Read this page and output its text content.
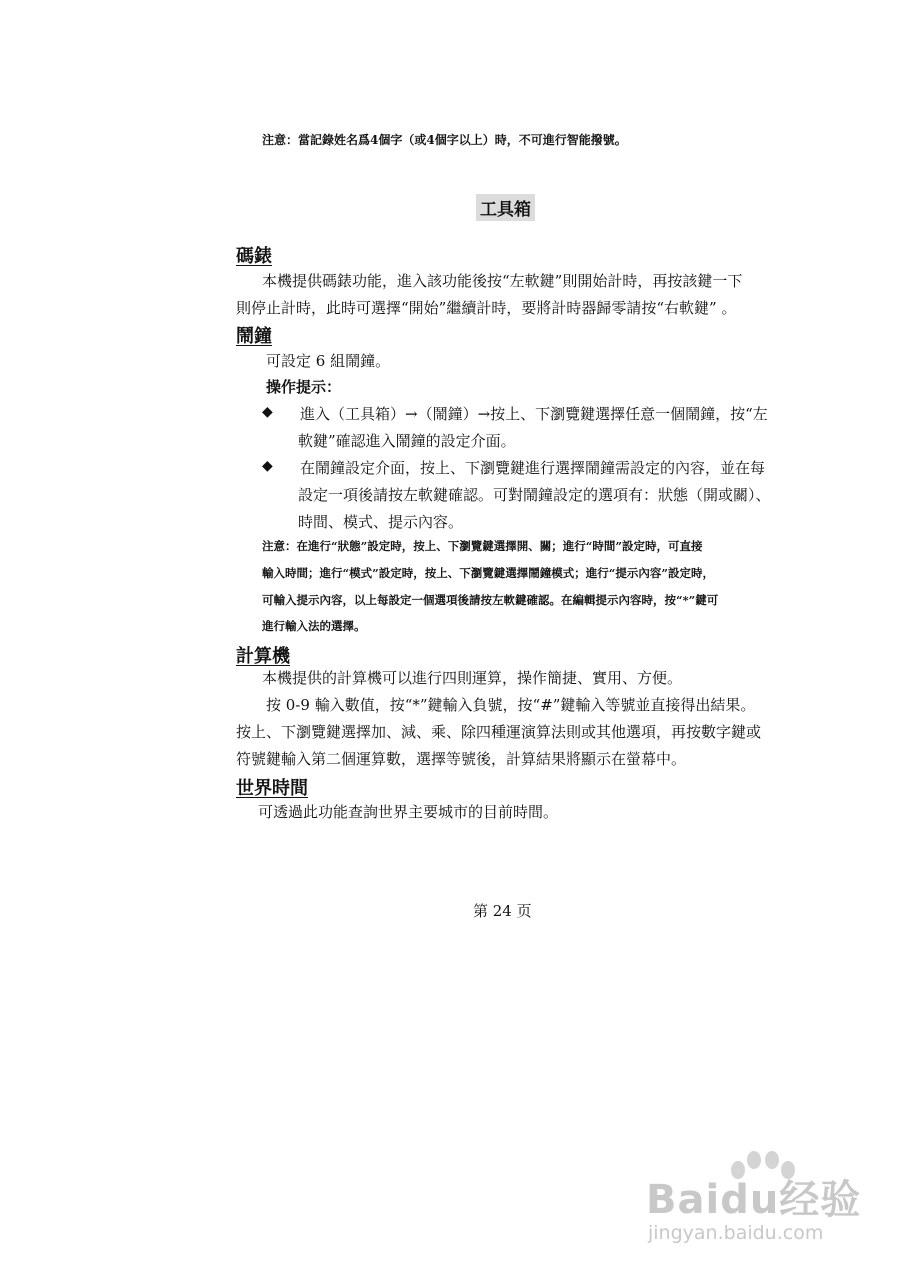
注意：當記錄姓名爲4個字（或4個字以上）時，不可進行智能撥號。
工具箱
碼錶
本機提供碼錶功能，進入該功能後按“左軟鍵”則開始計時，再按該鍵一下
則停止計時，此時可選擇“開始”繼續計時，要將計時器歸零請按“右軟鍵” 。
鬧鐘
可設定 6 組鬧鐘。
操作提示：
◆ 進入（工具箱）→（鬧鐘）→按上、下瀏覽鍵選擇任意一個鬧鐘，按“左
軟鍵”確認進入鬧鐘的設定介面。
◆ 在鬧鐘設定介面，按上、下瀏覽鍵進行選擇鬧鐘需設定的內容，並在每
設定一項後請按左軟鍵確認。可對鬧鐘設定的選項有：狀態（開或關）、
時間、模式、提示內容。
注意：在進行“狀態”設定時，按上、下瀏覽鍵選擇開、關；進行“時間”設定時，可直接
輸入時間；進行“模式”設定時，按上、下瀏覽鍵選擇鬧鐘模式；進行“提示內容”設定時，
可輸入提示內容，以上每設定一個選項後請按左軟鍵確認。在編輯提示內容時，按“*”鍵可
進行輸入法的選擇。
計算機
本機提供的計算機可以進行四則運算，操作簡捷、實用、方便。
按 0-9 輸入數值，按“*”鍵輸入負號，按“#”鍵輸入等號並直接得出結果。
按上、下瀏覽鍵選擇加、減、乘、除四種運演算法則或其他選項，再按數字鍵或
符號鍵輸入第二個運算數，選擇等號後，計算結果將顯示在螢幕中。
世界時間
可透過此功能查詢世界主要城市的目前時間。
第 24 页
Baidu经验
jingyan.baidu.com
